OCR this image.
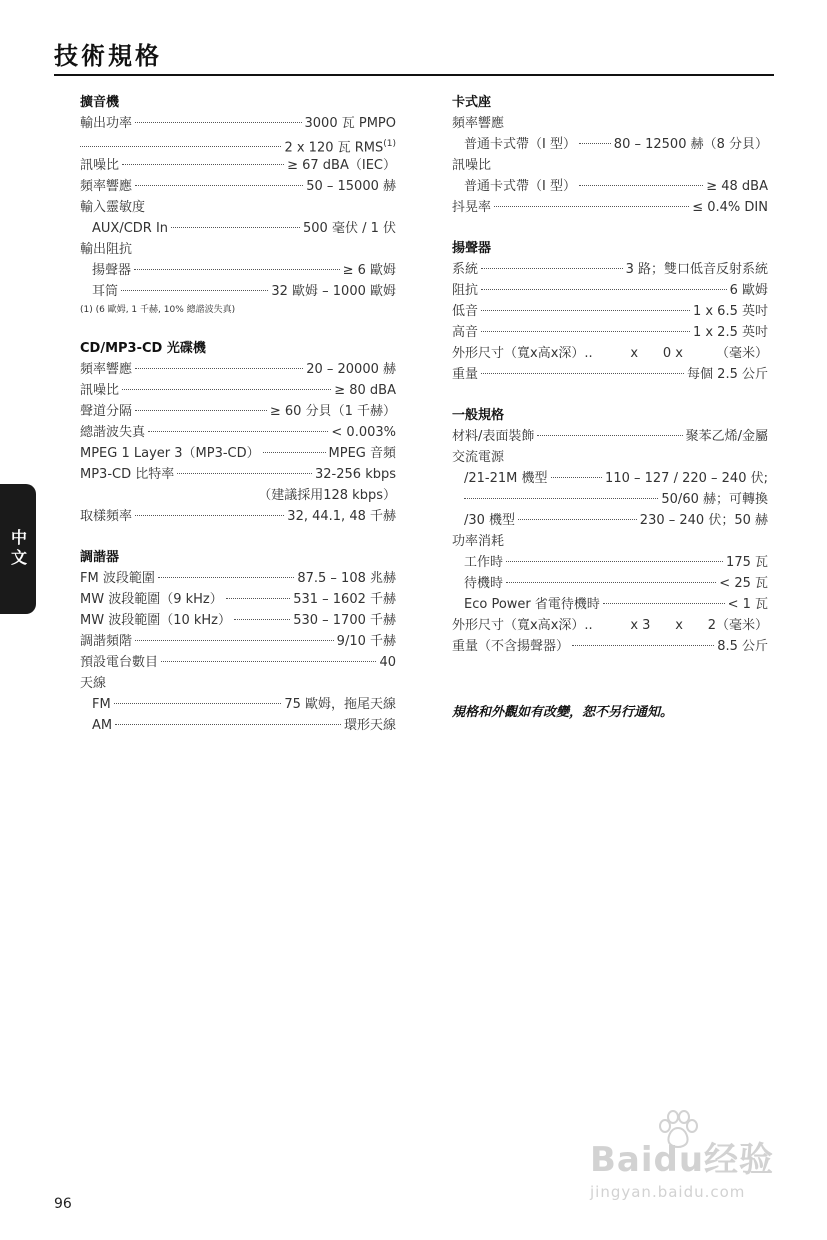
技術規格
中文
擴音機
輸出功率	3000 瓦 PMPO
2 x 120 瓦 RMS$^{(1)}$
訊噪比	≥ 67 dBA（IEC）
頻率響應	50 – 15000 赫
輸入靈敏度
AUX/CDR In	500 毫伏 / 1 伏
輸出阻抗
揚聲器	≥ 6 歐姆
耳筒	32 歐姆 – 1000 歐姆
(1) (6 歐姆, 1 千赫, 10% 總諧波失真)
CD/MP3-CD 光碟機
頻率響應	20 – 20000 赫
訊噪比	≥ 80 dBA
聲道分隔	≥ 60 分貝（1 千赫）
總諧波失真	< 0.003%
MPEG 1 Layer 3（MP3-CD）	MPEG 音頻
MP3-CD 比特率	32-256 kbps
（建議採用128 kbps）
取樣頻率	32, 44.1, 48 千赫
調諧器
FM 波段範圍	87.5 – 108 兆赫
MW 波段範圍（9 kHz）	531 – 1602 千赫
MW 波段範圍（10 kHz）	530 – 1700 千赫
調諧頻階	9/10 千赫
預設電台數目	40
天線
FM	75 歐姆，拖尾天線
AM	環形天線
卡式座
頻率響應
普通卡式帶（I 型）	80 – 12500 赫（8 分貝）
訊噪比
普通卡式帶（I 型）	≥ 48 dBA
抖晃率	≤ 0.4% DIN
揚聲器
系統	3 路；雙口低音反射系統
阻抗	6 歐姆
低音	1 x 6.5 英吋
高音	1 x 2.5 英吋
外形尺寸（寬x高x深）..	x      0 x        （毫米）
重量	每個 2.5 公斤
一般規格
材料/表面裝飾	聚苯乙烯/金屬
交流電源
/21-21M 機型	110 – 127 / 220 – 240 伏;
50/60 赫；可轉換
/30 機型	230 – 240 伏；50 赫
功率消耗
工作時	175 瓦
待機時	< 25 瓦
Eco Power 省電待機時	< 1 瓦
外形尺寸（寬x高x深）..	x 3      x      2（毫米）
重量（不含揚聲器）	8.5 公斤
規格和外觀如有改變，恕不另行通知。
96
Baidu经验
jingyan.baidu.com
